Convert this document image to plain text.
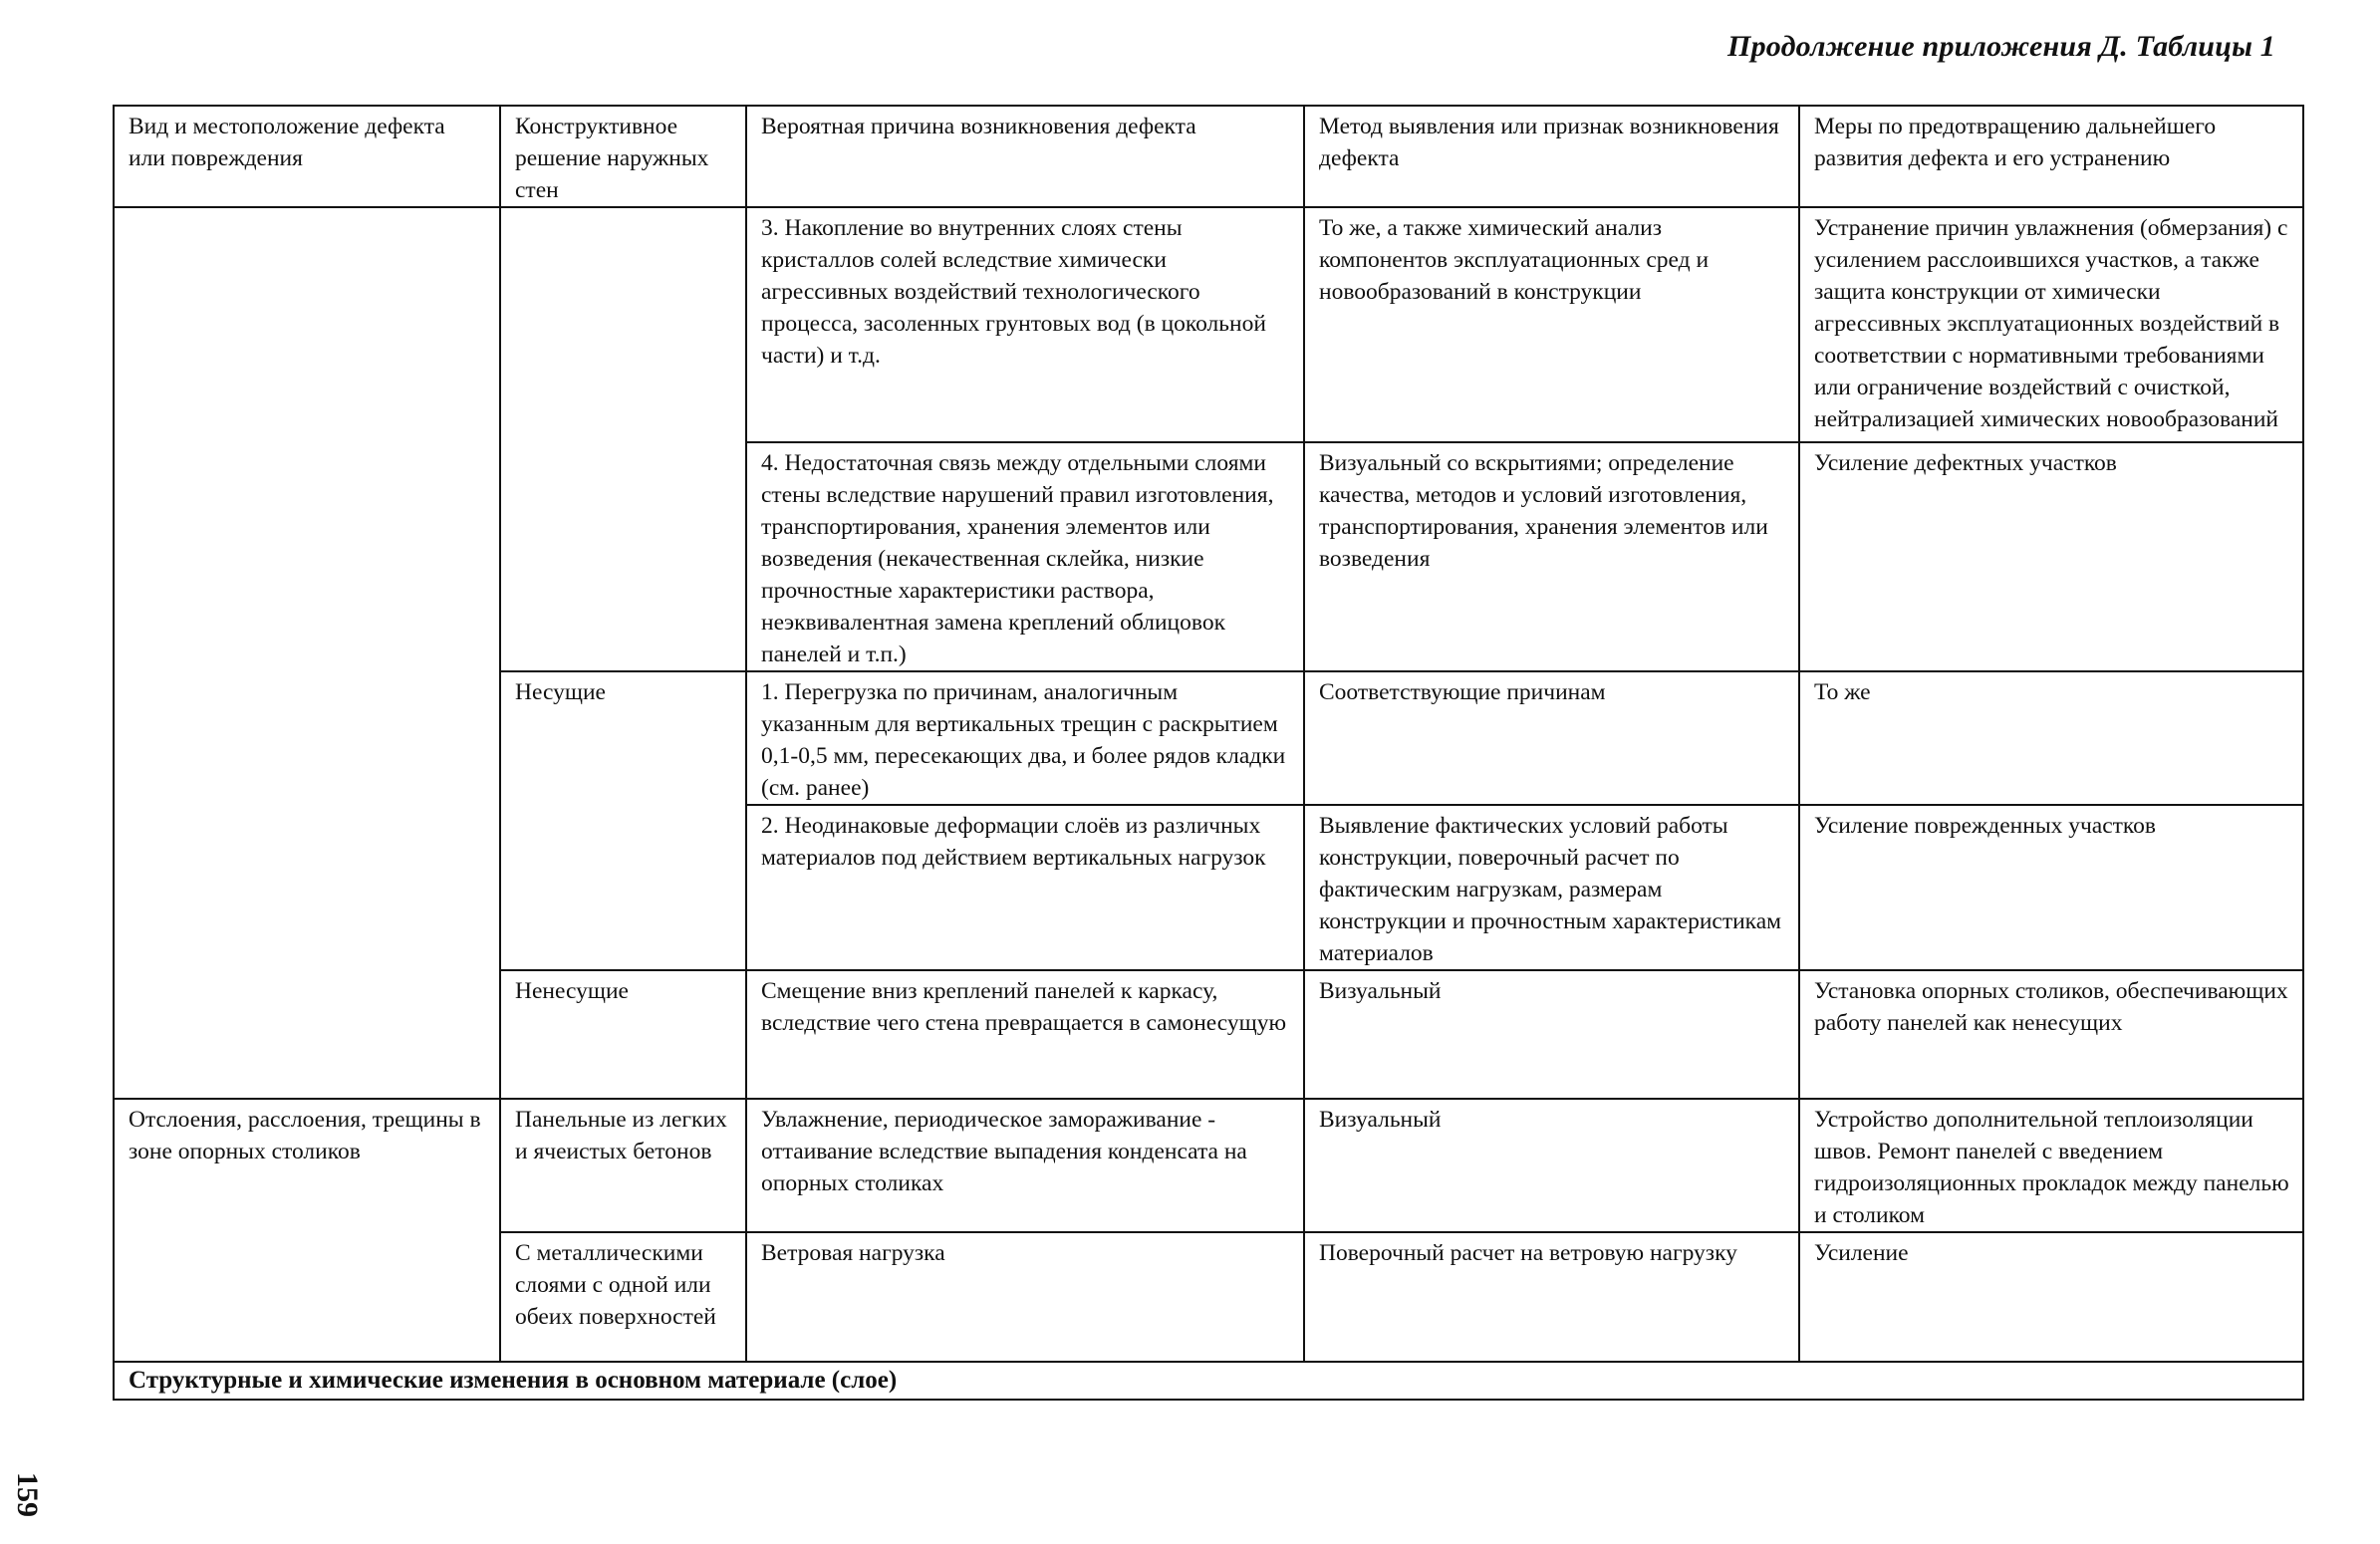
Продолжение приложения Д. Таблицы 1
Вид и местоположение дефекта или повреждения	Конструктивное решение наружных стен	Вероятная причина возникновения дефекта	Метод выявления или признак возникновения дефекта	Меры по предотвращению дальнейшего развития дефекта и его устранению
		3. Накопление во внутренних слоях стены кристаллов солей вследствие химически агрессивных воздействий технологического процесса, засоленных грунтовых вод (в цокольной части) и т.д.	То же, а также химический анализ компонентов эксплуатационных сред и новообразований в конструкции	Устранение причин увлажнения (обмерзания) с усилением расслоившихся участков, а также защита конструкции от химически агрессивных эксплуатационных воздействий в соответствии с нормативными требованиями или ограничение воздействий с очисткой, нейтрализацией химических новообразований
		4. Недостаточная связь между отдельными слоями стены вследствие нарушений правил изготовления, транспортирования, хранения элементов или возведения (некачественная склейка, низкие прочностные характеристики раствора, неэквивалентная замена креплений облицовок панелей и т.п.)	Визуальный со вскрытиями; определение качества, методов и условий изготовления, транспортирования, хранения элементов или возведения	Усиление дефектных участков
	Несущие	1. Перегрузка по причинам, аналогичным указанным для вертикальных трещин с раскрытием 0,1-0,5 мм, пересекающих два, и более рядов кладки (см. ранее)	Соответствующие причинам	То же
		2. Неодинаковые деформации слоёв из различных материалов под действием вертикальных нагрузок	Выявление фактических условий работы конструкции, поверочный расчет по фактическим нагрузкам, размерам конструкции и прочностным характеристикам материалов	Усиление поврежденных участков
	Ненесущие	Смещение вниз креплений панелей к каркасу, вследствие чего стена превращается в самонесущую	Визуальный	Установка опорных столиков, обеспечивающих работу панелей как ненесущих
Отслоения, расслоения, трещины в зоне опорных столиков	Панельные из легких и ячеистых бетонов	Увлажнение, периодическое замораживание - оттаивание вследствие выпадения конденсата на опорных столиках	Визуальный	Устройство дополнительной теплоизоляции швов. Ремонт панелей с введением гидроизоляционных прокладок между панелью и столиком
	С металлическими слоями с одной или обеих поверхностей	Ветровая нагрузка	Поверочный расчет на ветровую нагрузку	Усиление
Структурные и химические изменения в основном материале (слое)				
159
